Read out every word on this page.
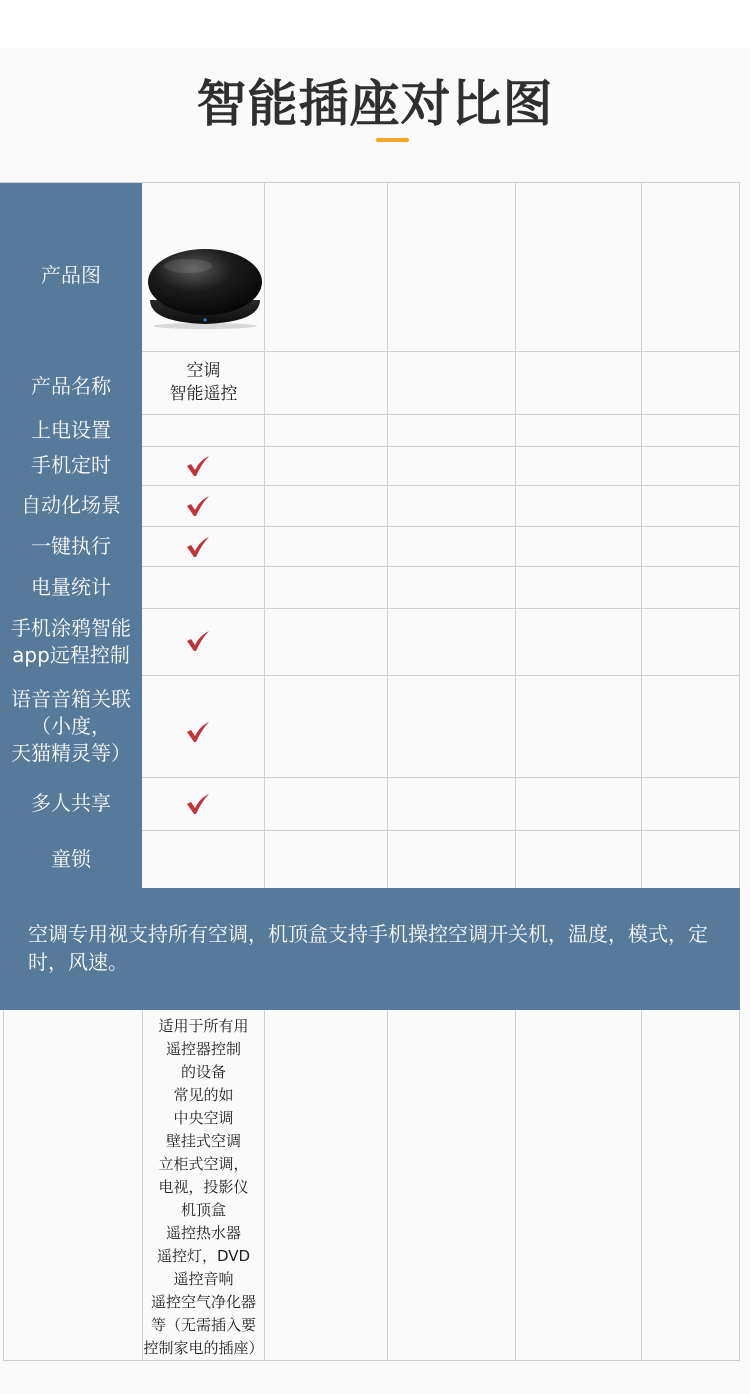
智能插座对比图
产品图
产品名称
上电设置
手机定时
自动化场景
一键执行
电量统计
手机涂鸦智能
app远程控制
语音音箱关联
（小度，
天猫精灵等）
多人共享
童锁
空调
智能遥控
空调专用视支持所有空调，机顶盒支持手机操控空调开关机，温度，模式，定时，风速。
适用于所有用
遥控器控制
的设备
常见的如
中央空调
壁挂式空调
立柜式空调，
电视，投影仪
机顶盒
遥控热水器
遥控灯，DVD
遥控音响
遥控空气净化器
等（无需插入要
控制家电的插座）
